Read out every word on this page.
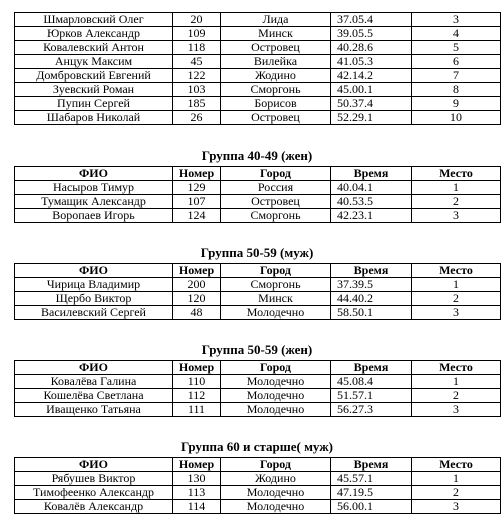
Шмарловский Олег	20	Лида	37.05.4	3
Юрков Александр	109	Минск	39.05.5	4
Ковалевский Антон	118	Островец	40.28.6	5
Анцук Максим	45	Вилейка	41.05.3	6
Домбровский Евгений	122	Жодино	42.14.2	7
Зуевский Роман	103	Сморгонь	45.00.1	8
Пупин Сергей	185	Борисов	50.37.4	9
Шабаров Николай	26	Островец	52.29.1	10
Группа 40-49 (жен)
ФИО	Номер	Город	Время	Место
Насыров Тимур	129	Россия	40.04.1	1
Тумащик Александр	107	Островец	40.53.5	2
Воропаев Игорь	124	Сморгонь	42.23.1	3
Группа 50-59 (муж)
ФИО	Номер	Город	Время	Место
Чирица Владимир	200	Сморгонь	37.39.5	1
Щербо Виктор	120	Минск	44.40.2	2
Василевский Сергей	48	Молодечно	58.50.1	3
Группа 50-59 (жен)
ФИО	Номер	Город	Время	Место
Ковалёва Галина	110	Молодечно	45.08.4	1
Кошелёва Светлана	112	Молодечно	51.57.1	2
Иващенко Татьяна	111	Молодечно	56.27.3	3
Группа 60 и старше( муж)
ФИО	Номер	Город	Время	Место
Рябушев Виктор	130	Жодино	45.57.1	1
Тимофеенко Александр	113	Молодечно	47.19.5	2
Ковалёв Александр	114	Молодечно	56.00.1	3
